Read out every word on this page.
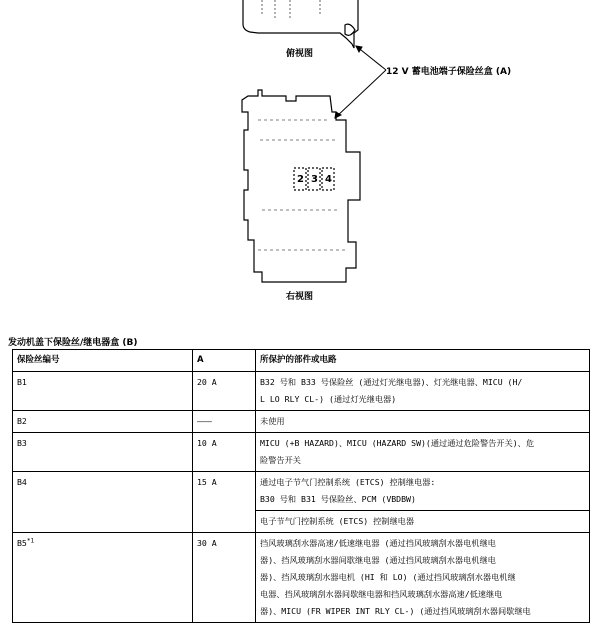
俯视图
12 V 蓄电池端子保险丝盒 (A)
2 3 4
右视图
发动机盖下保险丝/继电器盒 (B)
保险丝编号	A	所保护的部件或电路
B1	20 A	B32 号和 B33 号保险丝 (通过灯光继电器)、灯光继电器、MICU (H/
L LO RLY CL-) (通过灯光继电器)
B2	———	未使用
B3	10 A	MICU (+B HAZARD)、MICU (HAZARD SW)(通过通过危险警告开关)、危
险警告开关
B4	15 A	通过电子节气门控制系统 (ETCS) 控制继电器:
B30 号和 B31 号保险丝、PCM (VBDBW)
		电子节气门控制系统 (ETCS) 控制继电器
B5$^{*1}$	30 A	挡风玻璃刮水器高速/低速继电器 (通过挡风玻璃刮水器电机继电
器)、挡风玻璃刮水器间歇继电器 (通过挡风玻璃刮水器电机继电
器)、挡风玻璃刮水器电机 (HI 和 LO) (通过挡风玻璃刮水器电机继
电器、挡风玻璃刮水器间歇继电器和挡风玻璃刮水器高速/低速继电
器)、MICU (FR WIPER INT RLY CL-) (通过挡风玻璃刮水器间歇继电
